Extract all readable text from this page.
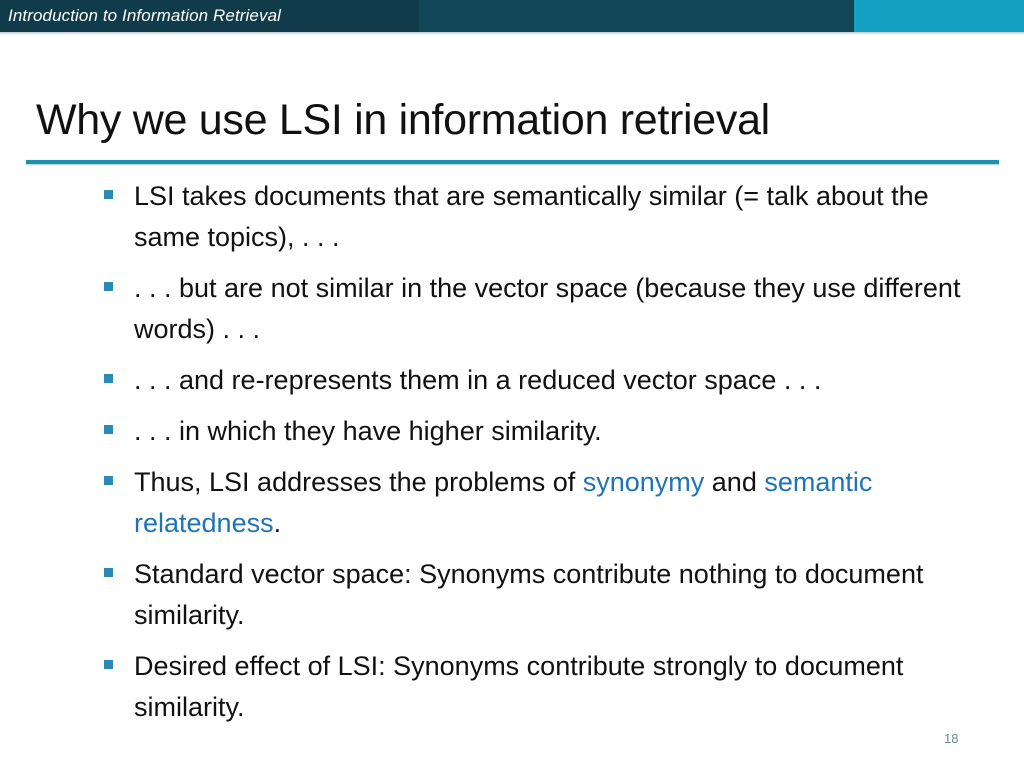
Introduction to Information Retrieval
Why we use LSI in information retrieval
LSI takes documents that are semantically similar (= talk about the same topics), . . .
. . . but are not similar in the vector space (because they use different words) . . .
. . . and re-represents them in a reduced vector space . . .
. . . in which they have higher similarity.
Thus, LSI addresses the problems of synonymy and semantic relatedness.
Standard vector space: Synonyms contribute nothing to document similarity.
Desired effect of LSI: Synonyms contribute strongly to document similarity.
18
